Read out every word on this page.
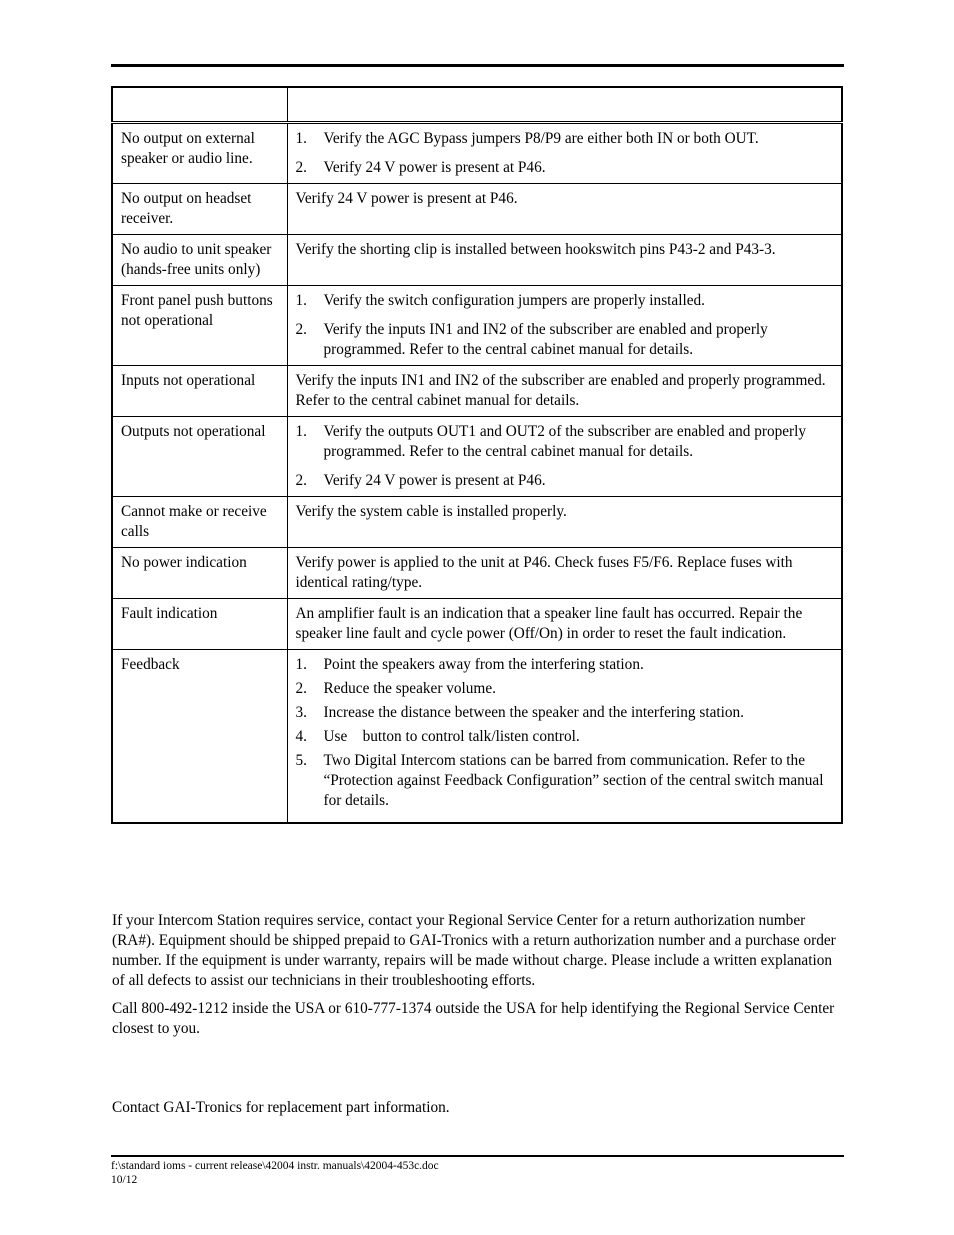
No output on external speaker or audio line.	
1.	Verify the AGC Bypass jumpers P8/P9 are either both IN or both OUT.
2.	Verify 24 V power is present at P46.

No output on headset receiver.	Verify 24 V power is present at P46.
No audio to unit speaker (hands-free units only)	Verify the shorting clip is installed between hookswitch pins P43-2 and P43-3.
Front panel push buttons not operational	
1.	Verify the switch configuration jumpers are properly installed.
2.	Verify the inputs IN1 and IN2 of the subscriber are enabled and properly programmed. Refer to the central cabinet manual for details.

Inputs not operational	Verify the inputs IN1 and IN2 of the subscriber are enabled and properly programmed. Refer to the central cabinet manual for details.
Outputs not operational	1.	Verify the outputs OUT1 and OUT2 of the subscriber are enabled and properly programmed. Refer to the central cabinet manual for details.
2.	Verify 24 V power is present at P46.

Cannot make or receive calls	Verify the system cable is installed properly.
No power indication	Verify power is applied to the unit at P46. Check fuses F5/F6. Replace fuses with identical rating/type.
Fault indication	An amplifier fault is an indication that a speaker line fault has occurred. Repair the speaker line fault and cycle power (Off/On) in order to reset the fault indication.
Feedback	1.	Point the speakers away from the interfering station.
2.	Reduce the speaker volume.
3.	Increase the distance between the speaker and the interfering station.
4.	Use    button to control talk/listen control.
5.	Two Digital Intercom stations can be barred from communication. Refer to the “Protection against Feedback Configuration” section of the central switch manual for details.
If your Intercom Station requires service, contact your Regional Service Center for a return authorization number (RA#). Equipment should be shipped prepaid to GAI-Tronics with a return authorization number and a purchase order number. If the equipment is under warranty, repairs will be made without charge. Please include a written explanation of all defects to assist our technicians in their troubleshooting efforts.
Call 800-492-1212 inside the USA or 610-777-1374 outside the USA for help identifying the Regional Service Center closest to you.
Contact GAI-Tronics for replacement part information.
f:\standard ioms - current release\42004 instr. manuals\42004-453c.doc
10/12
